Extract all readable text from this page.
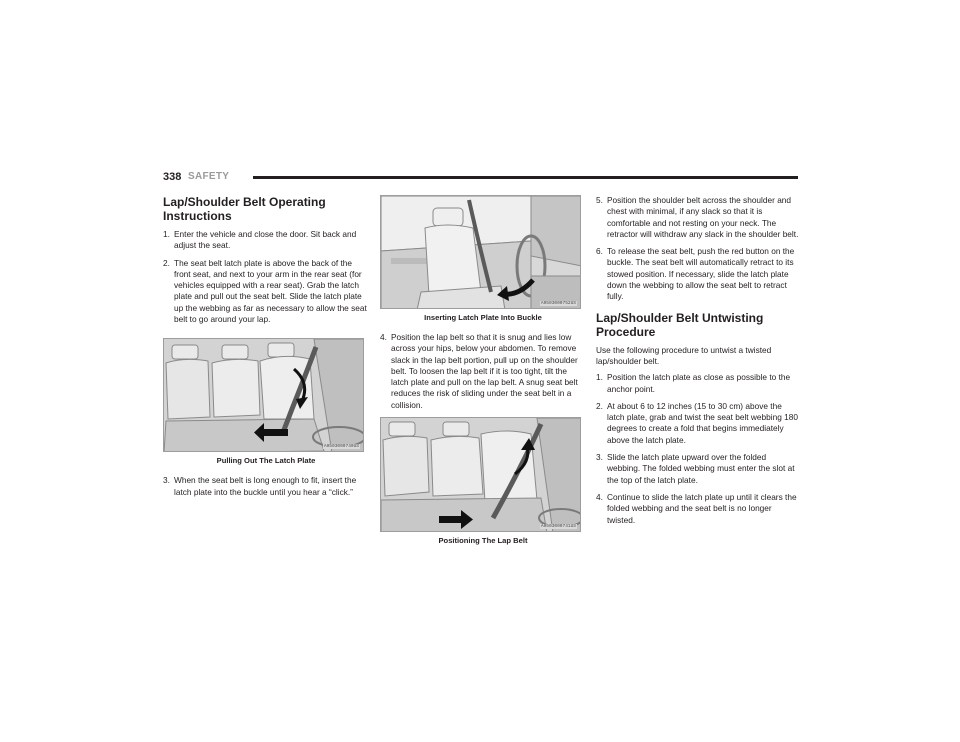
338 SAFETY
Lap/Shoulder Belt Operating Instructions
1. Enter the vehicle and close the door. Sit back and adjust the seat.
2. The seat belt latch plate is above the back of the front seat, and next to your arm in the rear seat (for vehicles equipped with a rear seat). Grab the latch plate and pull out the seat belt. Slide the latch plate up the webbing as far as necessary to allow the seat belt to go around your lap.
A0503000740US
Pulling Out The Latch Plate
3. When the seat belt is long enough to fit, insert the latch plate into the buckle until you hear a “click.”
A0503000752US
Inserting Latch Plate Into Buckle
4. Position the lap belt so that it is snug and lies low across your hips, below your abdomen. To remove slack in the lap belt portion, pull up on the shoulder belt. To loosen the lap belt if it is too tight, tilt the latch plate and pull on the lap belt. A snug seat belt reduces the risk of sliding under the seat belt in a collision.
A0503000741US
Positioning The Lap Belt
5. Position the shoulder belt across the shoulder and chest with minimal, if any slack so that it is comfortable and not resting on your neck. The retractor will withdraw any slack in the shoulder belt.
6. To release the seat belt, push the red button on the buckle. The seat belt will automatically retract to its stowed position. If necessary, slide the latch plate down the webbing to allow the seat belt to retract fully.
Lap/Shoulder Belt Untwisting Procedure

Use the following procedure to untwist a twisted lap/shoulder belt.

1. Position the latch plate as close as possible to the anchor point.
2. At about 6 to 12 inches (15 to 30 cm) above the latch plate, grab and twist the seat belt webbing 180 degrees to create a fold that begins immediately above the latch plate.
3. Slide the latch plate upward over the folded webbing. The folded webbing must enter the slot at the top of the latch plate.
4. Continue to slide the latch plate up until it clears the folded webbing and the seat belt is no longer twisted.
